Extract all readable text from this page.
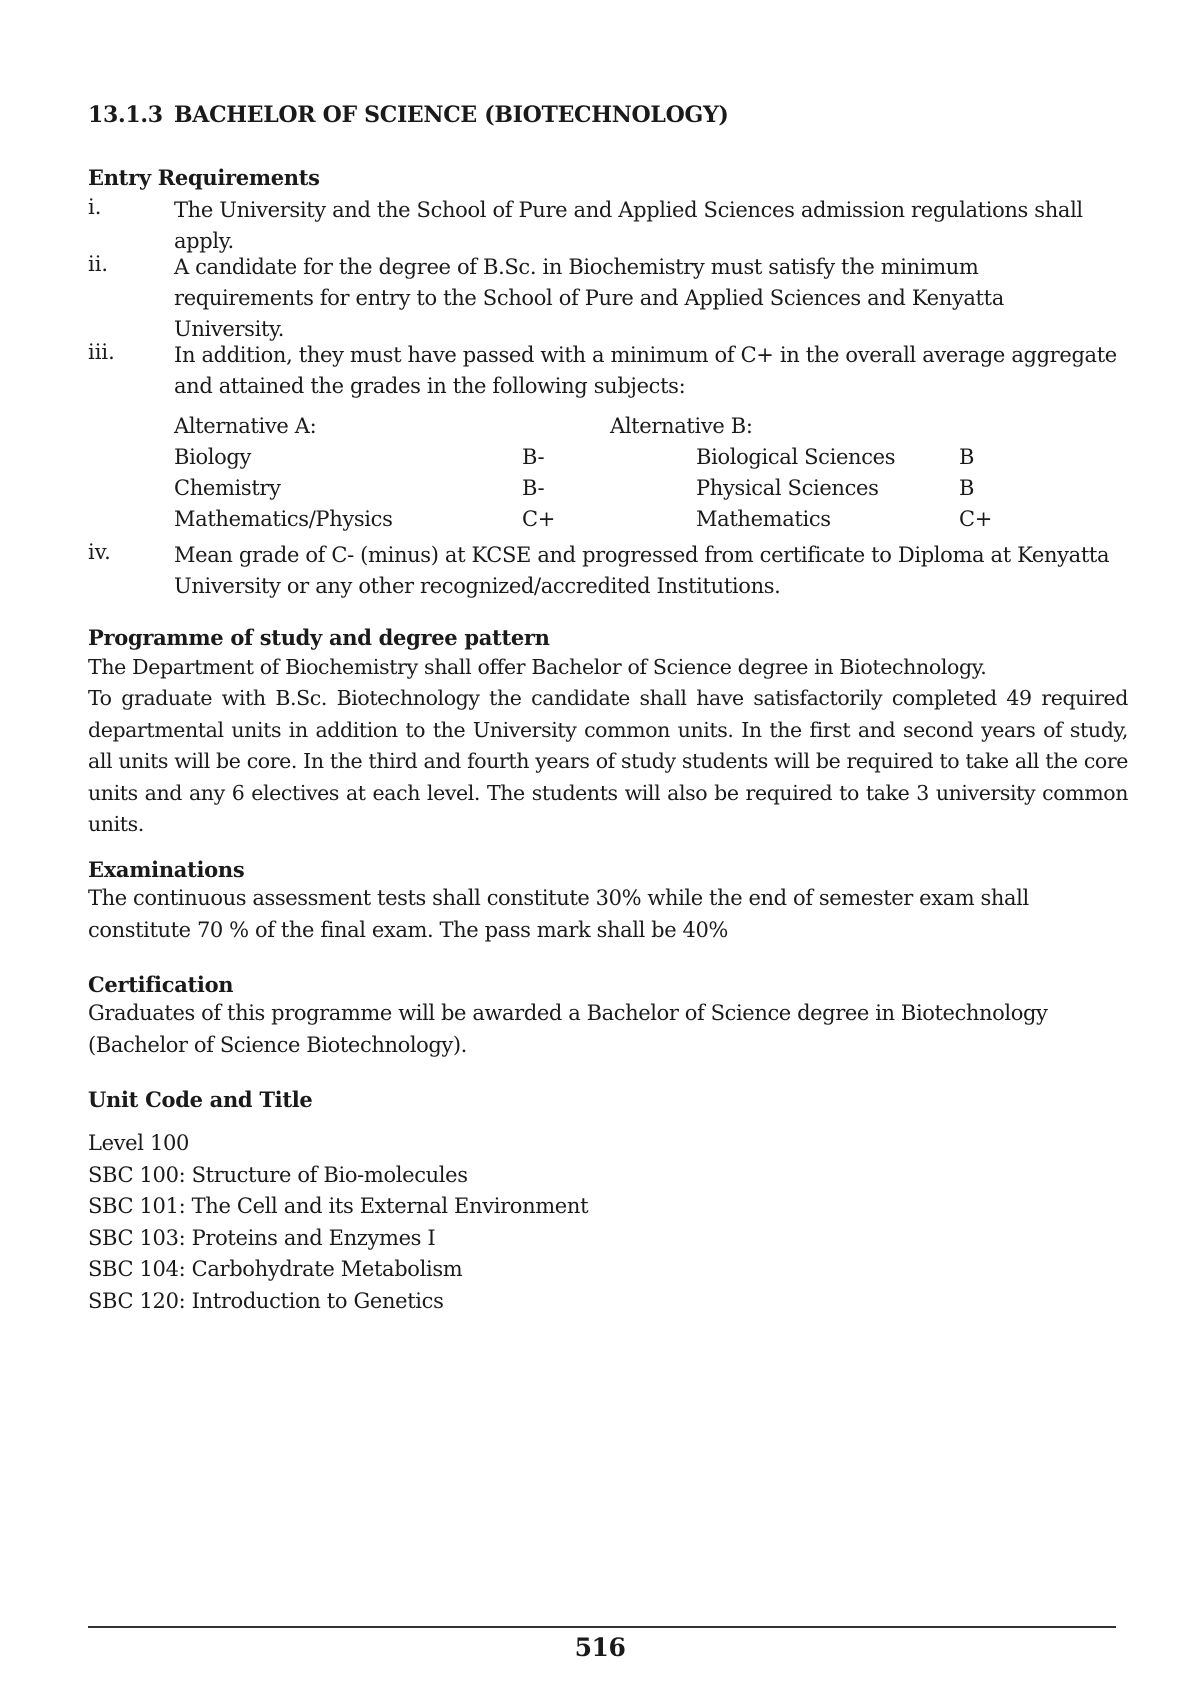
13.1.3 BACHELOR OF SCIENCE (BIOTECHNOLOGY)
Entry Requirements
i.	The University and the School of Pure and Applied Sciences admission regulations shall apply.
ii.	A candidate for the degree of B.Sc. in Biochemistry must satisfy the minimum requirements for entry to the School of Pure and Applied Sciences and Kenyatta University.
iii.	In addition, they must have passed with a minimum of C+ in the overall average aggregate and attained the grades in the following subjects:
Alternative A:	Alternative B:
Biology	B-	Biological Sciences	B
Chemistry	B-	Physical Sciences	B
Mathematics/Physics	C+	Mathematics	C+
iv.	Mean grade of C- (minus) at KCSE and progressed from certificate to Diploma at Kenyatta University or any other recognized/accredited Institutions.
Programme of study and degree pattern
The Department of Biochemistry shall offer Bachelor of Science degree in Biotechnology.
To graduate with B.Sc. Biotechnology the candidate shall have satisfactorily completed 49 required departmental units in addition to the University common units. In the first and second years of study, all units will be core. In the third and fourth years of study students will be required to take all the core units and any 6 electives at each level. The students will also be required to take 3 university common units.
Examinations
The continuous assessment tests shall constitute 30% while the end of semester exam shall constitute 70 % of the final exam. The pass mark shall be 40%
Certification
Graduates of this programme will be awarded a Bachelor of Science degree in Biotechnology (Bachelor of Science Biotechnology).
Unit Code and Title
Level 100
SBC 100: Structure of Bio-molecules
SBC 101: The Cell and its External Environment
SBC 103: Proteins and Enzymes I
SBC 104: Carbohydrate Metabolism
SBC 120: Introduction to Genetics
516
